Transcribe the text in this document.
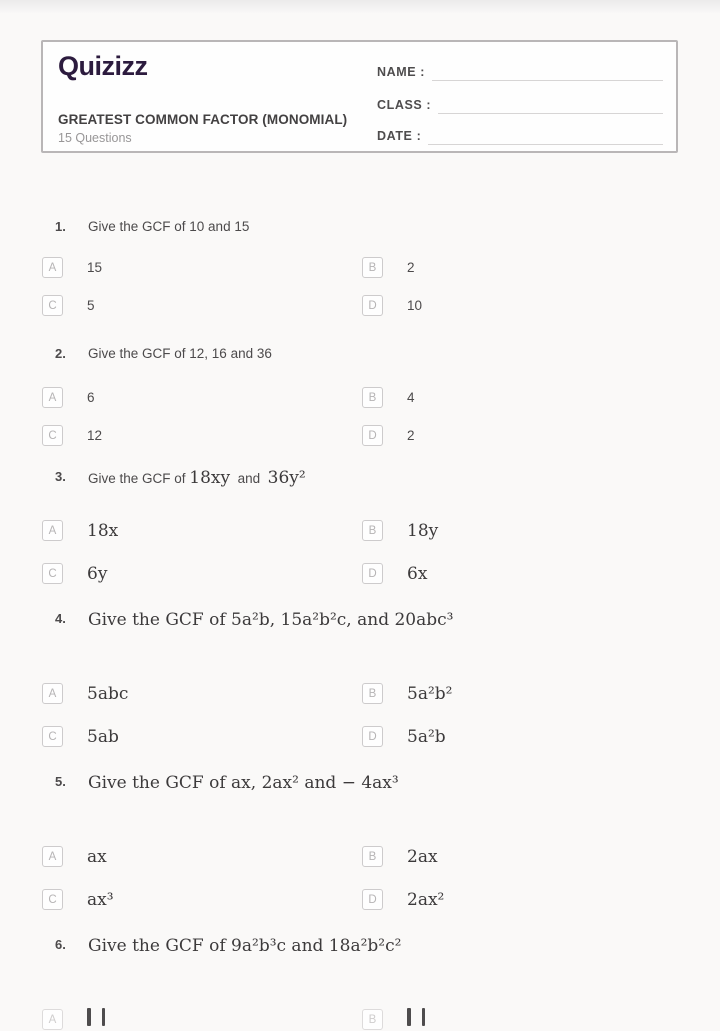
Quizizz
GREATEST COMMON FACTOR (MONOMIAL)
15 Questions
NAME :
CLASS :
DATE :
1. Give the GCF of 10 and 15
A	15	B	2
C	5	D	10
2. Give the GCF of 12, 16 and 36
A	6	B	4
C	12	D	2
3. Give the GCF of 18xy  and  36y²
A	18x	B	18y
C	6y	D	6x
4. Give the GCF of 5a²b, 15a²b²c, and 20abc³
A	5abc	B	5a²b²
C	5ab	D	5a²b
5. Give the GCF of ax, 2ax² and − 4ax³
A	ax	B	2ax
C	ax³	D	2ax²
6. Give the GCF of 9a²b³c and 18a²b²c²
A	B
